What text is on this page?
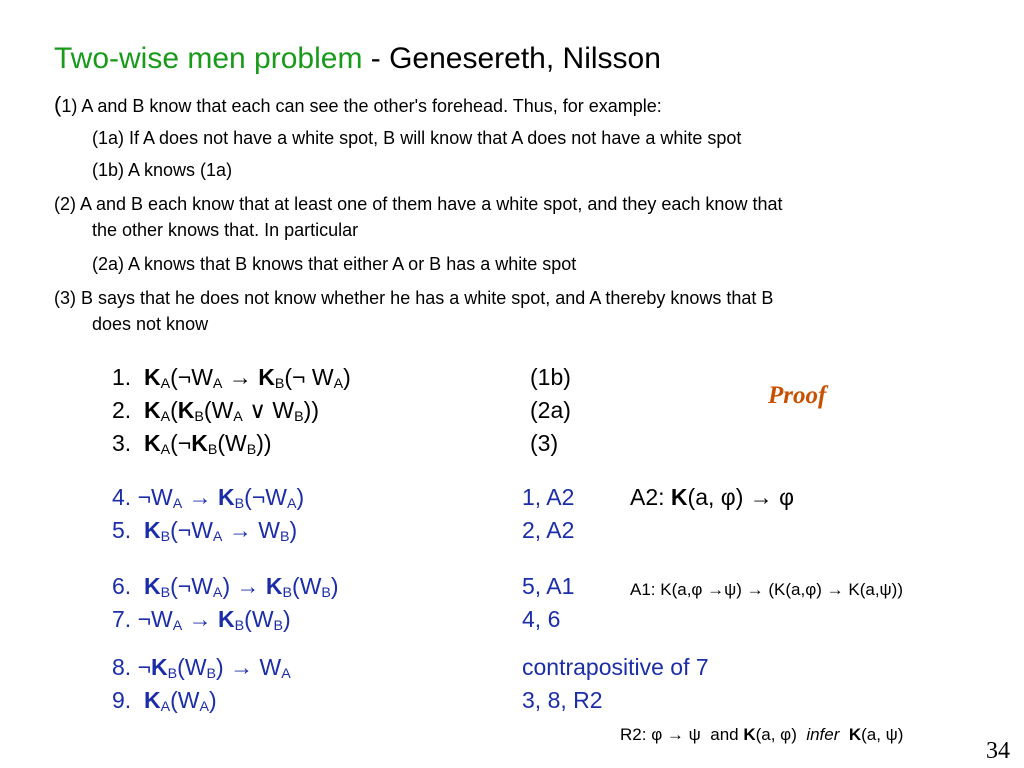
Two-wise men problem - Genesereth, Nilsson
(1) A and B know that each can see the other's forehead. Thus, for example:
(1a) If A does not have a white spot, B will know that A does not have a white spot
(1b) A knows (1a)
(2) A and B each know that at least one of them have a white spot, and they each know that
the other knows that. In particular
(2a) A knows that B knows that either A or B has a white spot
(3) B says that he does not know whether he has a white spot, and A thereby knows that B
does not know
Proof
1. $K_A(\neg W_A$ → $K_B(\neg$ $W_A$)	(1b)
2. $K_A(K_B(W_A$ ∨ $W_B$))	(2a)
3. $K_A(\neg K_B(W_B))$	(3)
4. $\neg W_A$ → $K_B(\neg W_A)$	1, A2 A2: K(a, φ) → φ
5. $K_B(\neg W_A \to W_B)$	2, A2
6. $K_B(\neg W_A) \to K_B(W_B)$	5, A1	A1: K(a,φ →ψ) → (K(a,φ) → K(a,ψ))
7. $\neg W_A \to K_B(W_B)$	4, 6
8. $\neg K_B(W_B) \to W_A$	contrapositive of 7
9. $K_A(W_A)$	3, 8, R2
R2: φ → ψ  and K(a, φ)  infer K(a, ψ)
34
